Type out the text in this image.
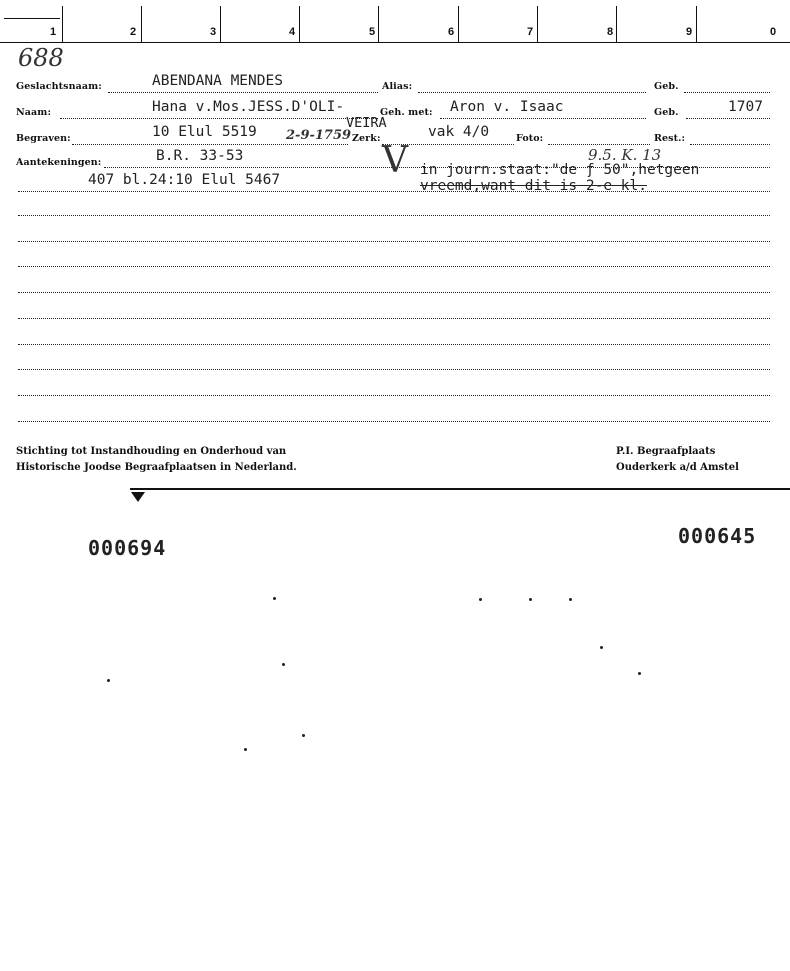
1	2	3	4	5	6	7	8	9	0
688
Geslachtsnaam:	ABENDANA MENDES	Alias:	Geb.
Naam:	Hana v.Mos.JESS.D'OLI-	Geh. met: Aron v. Isaac	Geb.	1707
VEIRA
Begraven:	10 Elul 5519 2-9-1759 Zerk:	vak 4/0	Foto:	Rest.:
Aantekeningen:	B.R. 33-53	9.5. K. 13
V
407 bl.24:10 Elul 5467
in journ.staat:"de ƒ 50",hetgeen
vreemd,want dit is 2-e kl.
Stichting tot Instandhouding en Onderhoud van
Historische Joodse Begraafplaatsen in Nederland.
P.I. Begraafplaats
Ouderkerk a/d Amstel
000694	000645
